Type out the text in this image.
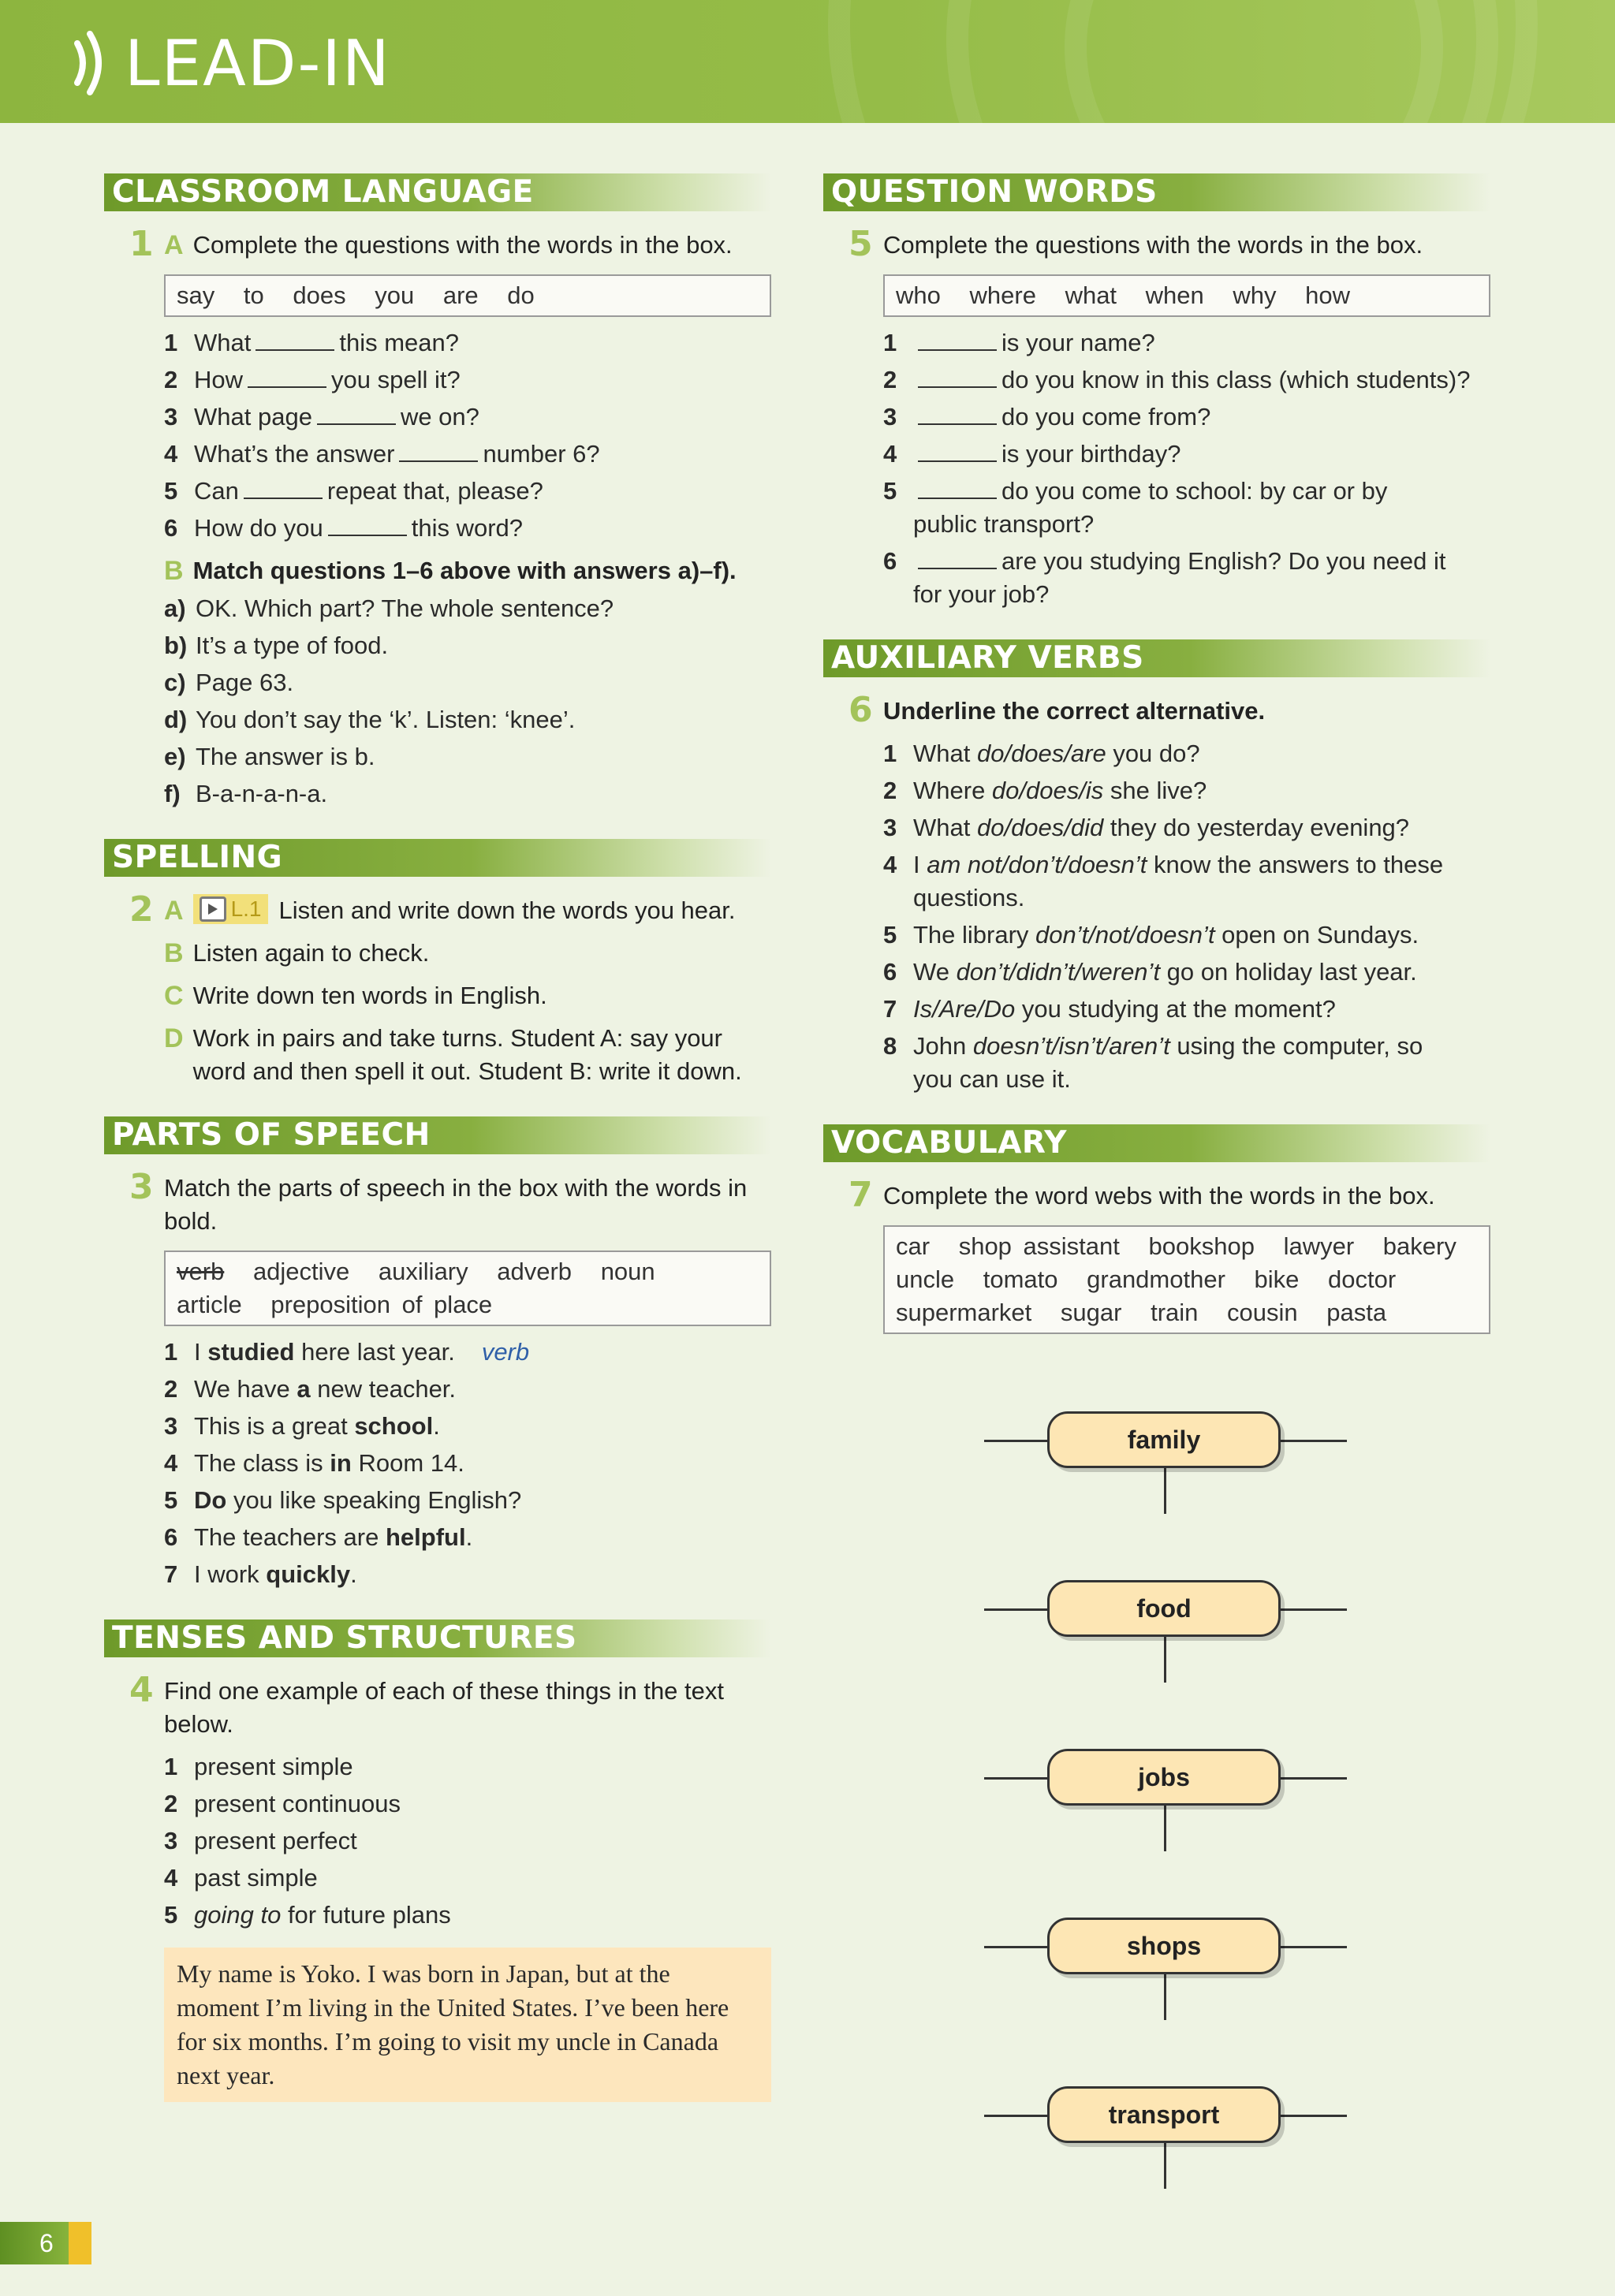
LEAD-IN
CLASSROOM LANGUAGE
1 A Complete the questions with the words in the box.
say to does you are do
1 What	this mean?
2 How	you spell it?
3 What page	we on?
4 What’s the answer	number 6?
5 Can	repeat that, please?
6 How do you	this word?
B Match questions 1–6 above with answers a)–f).
a) OK. Which part? The whole sentence?
b) It’s a type of food.
c) Page 63.
d) You don’t say the ‘k’. Listen: ‘knee’.
e) The answer is b.
f) B-a-n-a-n-a.
SPELLING
2 A L.1 Listen and write down the words you hear.
B Listen again to check.
C Write down ten words in English.
D Work in pairs and take turns. Student A: say your word and then spell it out. Student B: write it down.
PARTS OF SPEECH
3 Match the parts of speech in the box with the words in bold.
verb adjective auxiliary adverb noun
article preposition of place
1 I studied here last year. verb
2 We have a new teacher.
3 This is a great school.
4 The class is in Room 14.
5 Do you like speaking English?
6 The teachers are helpful.
7 I work quickly.
TENSES AND STRUCTURES
4 Find one example of each of these things in the text below.
1 present simple
2 present continuous
3 present perfect
4 past simple
5 going to for future plans
My name is Yoko. I was born in Japan, but at the moment I’m living in the United States. I’ve been here for six months. I’m going to visit my uncle in Canada next year.
QUESTION WORDS
5 Complete the questions with the words in the box.
who where what when why how
1	is your name?
2	do you know in this class (which students)?
3	do you come from?
4	is your birthday?
5	do you come to school: by car or by
public transport?
6	are you studying English? Do you need it
for your job?
AUXILIARY VERBS
6 Underline the correct alternative.
1 What do/does/are you do?
2 Where do/does/is she live?
3 What do/does/did they do yesterday evening?
4 I am not/don’t/doesn’t know the answers to these
questions.
5 The library don’t/not/doesn’t open on Sundays.
6 We don’t/didn’t/weren’t go on holiday last year.
7 Is/Are/Do you studying at the moment?
8 John doesn’t/isn’t/aren’t using the computer, so
you can use it.
VOCABULARY
7 Complete the word webs with the words in the box.
car shop assistant bookshop lawyer bakery
uncle tomato grandmother bike doctor
supermarket sugar train cousin pasta
family
food
jobs
shops
transport
6
